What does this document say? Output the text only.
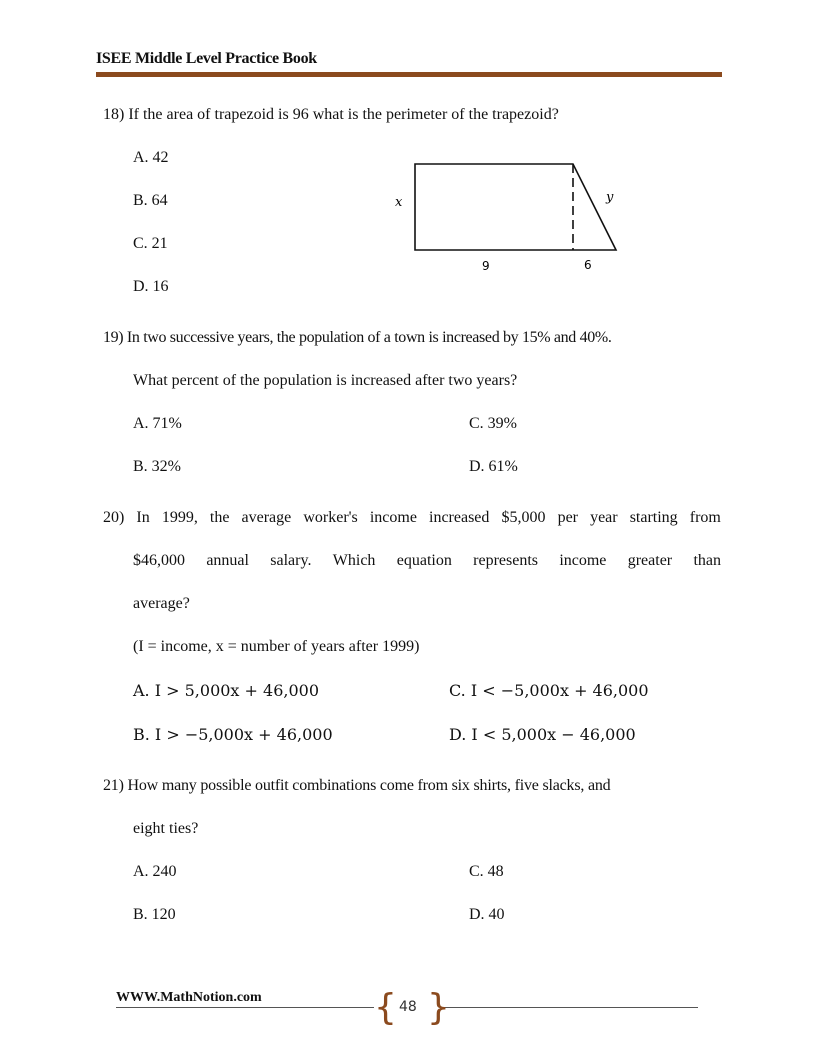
ISEE Middle Level Practice Book
18) If the area of trapezoid is 96 what is the perimeter of the trapezoid?
A. 42
B. 64
C. 21
D. 16
x	y
9	6
19) In two successive years, the population of a town is increased by 15% and 40%.
What percent of the population is increased after two years?
A. 71%	C. 39%
B. 32%	D. 61%
20) In 1999, the average worker's income increased $5,000 per year starting from
$46,000 annual salary. Which equation represents income greater than
average?
(I = income, x = number of years after 1999)
A. I > 5,000x + 46,000	C. I < −5,000x + 46,000
B. I > −5,000x + 46,000	D. I < 5,000x − 46,000
21) How many possible outfit combinations come from six shirts, five slacks, and
eight ties?
A. 240	C. 48
B. 120	D. 40
WWW.MathNotion.com	{ }
48
